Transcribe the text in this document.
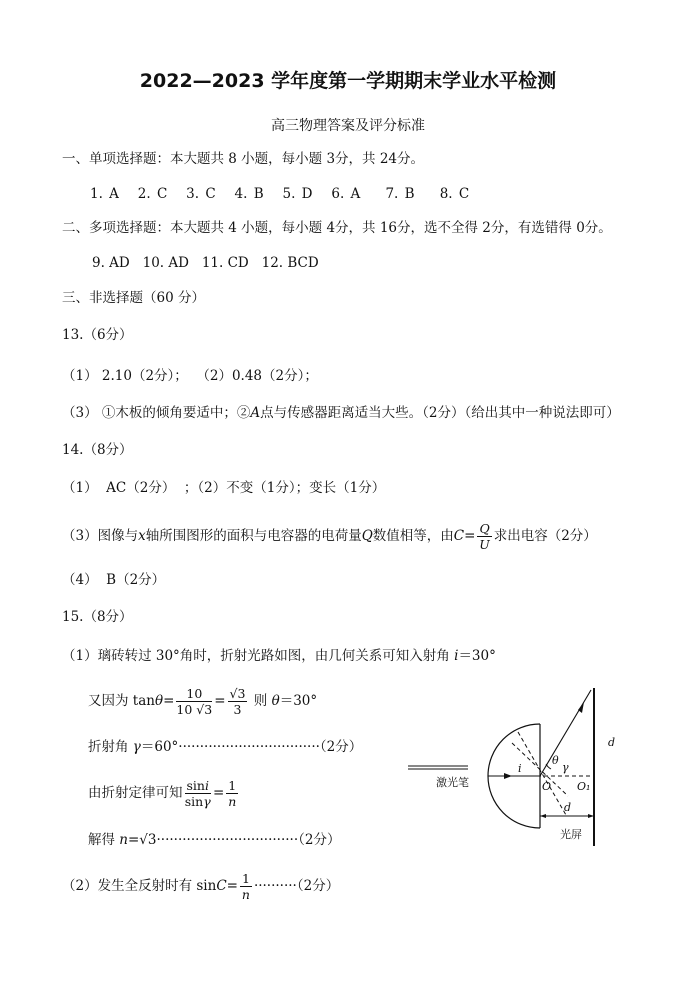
2022—2023 学年度第一学期期末学业水平检测
高三物理答案及评分标准
一、单项选择题：本大题共 8 小题，每小题 3分，共 24分。
1. A   2. C   3. C   4. B   5. D   6. A    7. B    8. C
二、多项选择题：本大题共 4 小题，每小题 4分，共 16分，选不全得 2分，有选错得 0分。
9. AD   10. AD   11. CD   12. BCD
三、非选择题（60 分）
13.（6分）
（1） 2.10（2分）；  （2）0.48（2分）；
（3） ①木板的倾角要适中；②A点与传感器距离适当大些。（2分）（给出其中一种说法即可）
14.（8分）
（1）  AC（2分）  ；（2）不变（1分）；变长（1分）
（3）图像与 x 轴所围图形的面积与电容器的电荷量 Q 数值相等，由 $C = \frac{Q}{U}$ 求出电容（2分）
（4）  B（2分）
15.（8分）
（1）璃砖转过 30°角时，折射光路如图，由几何关系可知入射角 i＝30°
又因为 $\tan \theta = \frac{10}{10 √3} = \frac{√3}{3}$ 则 θ ＝30°
折射角 γ＝60°·································（2分）
由折射定律可知 $\frac{\sin i}{\sin\gamma} = \frac{1}{n}$
解得 n=√3·································（2分）
（2）发生全反射时有 $\sin C = \frac{1}{n} \cdot\cdot\cdot\cdot\cdot\cdot\cdot\cdot\cdot\cdot(2$分）
d
d
i
θ
γ
O O₁
激光笔
光屏
